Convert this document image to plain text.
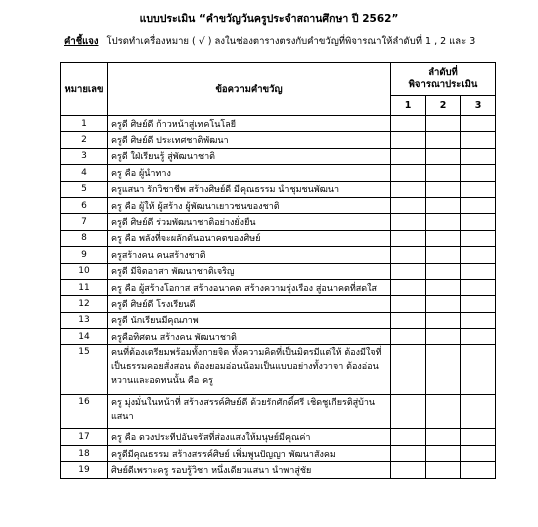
แบบประเมิน “คำขวัญวันครูประจำสถานศึกษา ปี 2562”
คำชี้แจง โปรดทำเครื่องหมาย ( √ ) ลงในช่องตารางตรงกับคำขวัญที่พิจารณาให้ลำดับที่ 1 , 2 และ 3
หมายเลข	ข้อความคำขวัญ	ลำดับที่
พิจารณาประเมิน		
		1	2	3
1	ครูดี ศิษย์ดี ก้าวหน้าสู่เทคโนโลยี			
2	ครูดี ศิษย์ดี ประเทศชาติพัฒนา			
3	ครูดี ใฝ่เรียนรู้ สู่พัฒนาชาติ			
4	ครู คือ ผู้นำทาง			
5	ครูแสนา รักวิชาชีพ สร้างศิษย์ดี มีคุณธรรม นำชุมชนพัฒนา			
6	ครู คือ ผู้ให้ ผู้สร้าง ผู้พัฒนาเยาวชนของชาติ			
7	ครูดี ศิษย์ดี ร่วมพัฒนาชาติอย่างยั่งยืน			
8	ครู คือ พลังที่จะผลักดันอนาคตของศิษย์			
9	ครูสร้างคน คนสร้างชาติ			
10	ครูดี มีจิตอาสา พัฒนาชาติเจริญ			
11	ครู คือ ผู้สร้างโอกาส สร้างอนาคต สร้างความรุ่งเรือง สู่อนาคตที่สดใส			
12	ครูดี ศิษย์ดี โรงเรียนดี			
13	ครูดี นักเรียนมีคุณภาพ			
14	ครูคือทิศตน สร้างคน พัฒนาชาติ			
15	คนที่ต้องเตรียมพร้อมทั้งกายจิต ทั้งความคิดที่เป็นมิตรมีแต่ให้ ต้องมีใจที่เป็นธรรมคอยสั่งสอน ต้องยอมอ่อนน้อมเป็นแบบอย่างทั้งวาจา ต้องอ่อนหวานและอดทนนั้น คือ ครู			
16	ครู มุ่งมั่นในหน้าที่ สร้างสรรค์ศิษย์ดี ด้วยรักศักดิ์ศรี เชิดชูเกียรติสู่บ้านแสนา			
17	ครู คือ ดวงประทีปอันจรัสที่ส่องแสงให้มนุษย์มีคุณค่า			
18	ครูดีมีคุณธรรม สร้างสรรค์ศิษย์ เพิ่มพูนปัญญา พัฒนาสังคม			
19	ศิษย์ดีเพราะครู รอบรู้วิชา หนึ่งเดียวแสนา นำพาสู่ชัย			
